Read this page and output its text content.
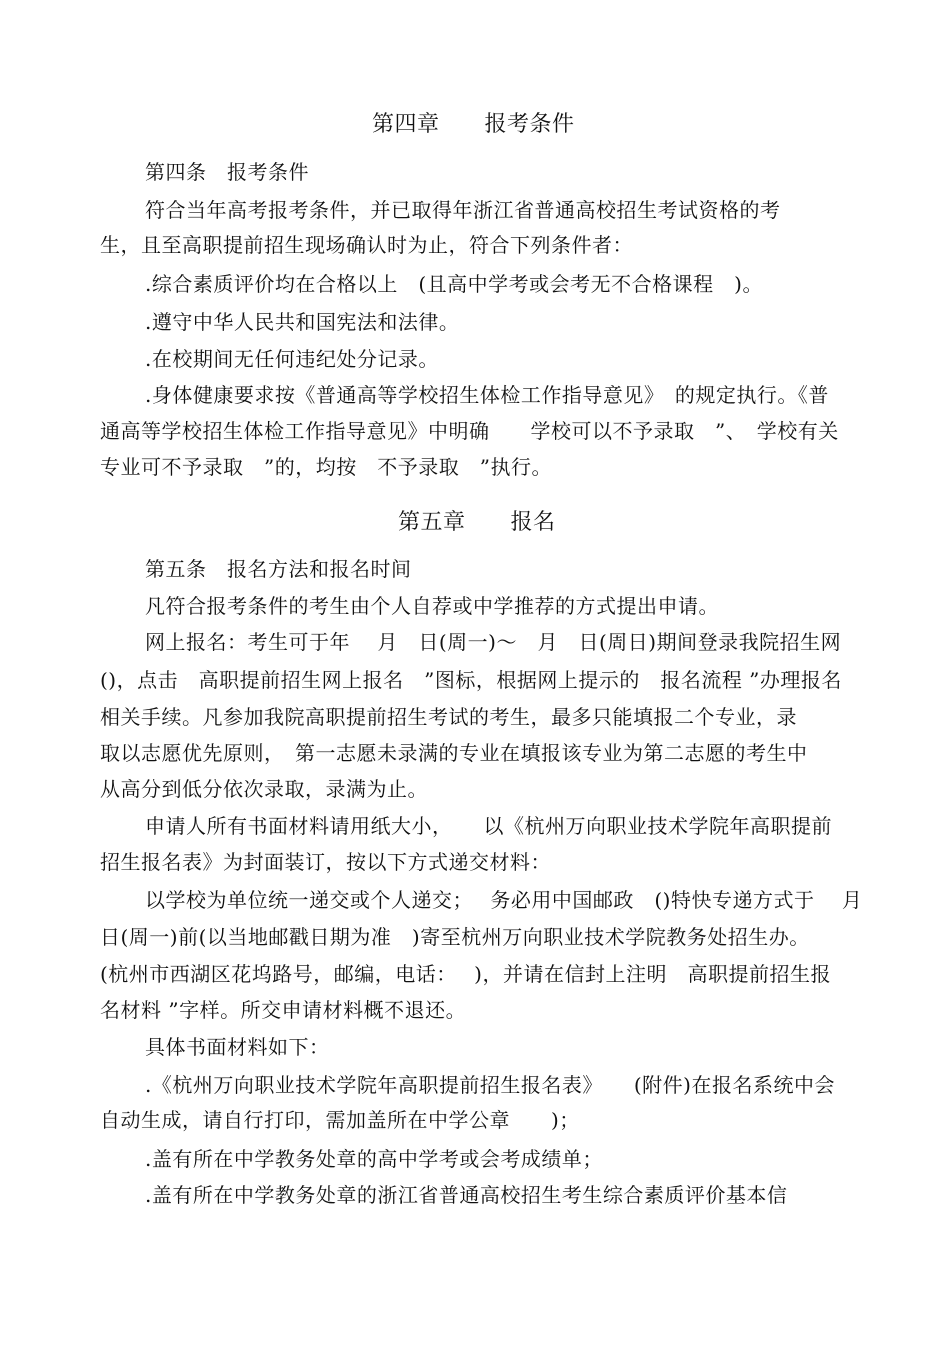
第四章　　报考条件
第四条　报考条件
符合当年高考报考条件，并已取得年浙江省普通高校招生考试资格的考
生，且至高职提前招生现场确认时为止，符合下列条件者：
.综合素质评价均在合格以上　(且高中学考或会考无不合格课程　)。
.遵守中华人民共和国宪法和法律。
.在校期间无任何违纪处分记录。
.身体健康要求按《普通高等学校招生体检工作指导意见》　的规定执行。《普
通高等学校招生体检工作指导意见》中明确　　学校可以不予录取　”、　学校有关
专业可不予录取　”的，均按　不予录取　”执行。
第五章　　报名
第五条　报名方法和报名时间
凡符合报考条件的考生由个人自荐或中学推荐的方式提出申请。
网上报名：考生可于年　 月　日(周一)～　月　日(周日)期间登录我院招生网
()，点击　高职提前招生网上报名　”图标，根据网上提示的　报名流程 ”办理报名
相关手续。凡参加我院高职提前招生考试的考生，最多只能填报二个专业，录
取以志愿优先原则，　第一志愿未录满的专业在填报该专业为第二志愿的考生中
从高分到低分依次录取，录满为止。
申请人所有书面材料请用纸大小，　　以《杭州万向职业技术学院年高职提前
招生报名表》为封面装订，按以下方式递交材料：
以学校为单位统一递交或个人递交；　 务必用中国邮政　()特快专递方式于　 月
日(周一)前(以当地邮戳日期为准　)寄至杭州万向职业技术学院教务处招生办。
(杭州市西湖区花坞路号，邮编，电话：　 )，并请在信封上注明　高职提前招生报
名材料 ”字样。所交申请材料概不退还。
具体书面材料如下：
.《杭州万向职业技术学院年高职提前招生报名表》　　(附件)在报名系统中会
自动生成，请自行打印，需加盖所在中学公章　　)；
.盖有所在中学教务处章的高中学考或会考成绩单；
.盖有所在中学教务处章的浙江省普通高校招生考生综合素质评价基本信
